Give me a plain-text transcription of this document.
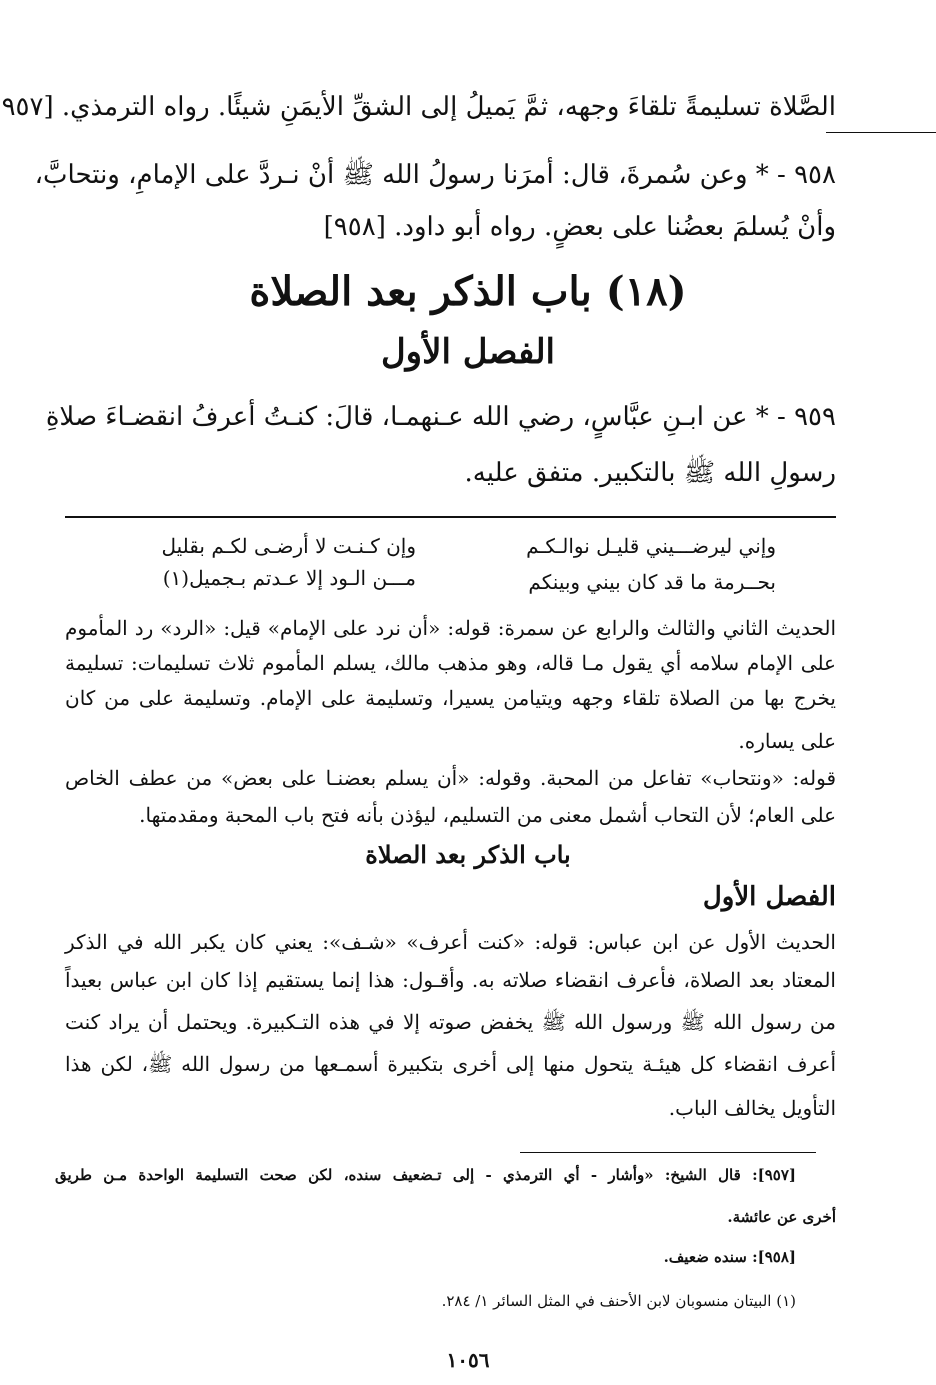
الصَّلاة تسليمةً تلقاءَ وجهه، ثمَّ يَميلُ إلى الشقِّ الأيمَنِ شيئًا. رواه الترمذي. [٩٥٧
٩٥٨ - * وعن سُمرةَ، قال: أمرَنا رسولُ الله ﷺ أنْ نـردَّ على الإمامِ، ونتحابَّ،
وأنْ يُسلمَ بعضُنا على بعضٍ. رواه أبو داود. [٩٥٨]
(١٨) باب الذكر بعد الصلاة
الفصل الأول
٩٥٩ - * عن ابـنِ عبَّاسٍ، رضي الله عـنهمـا، قالَ: كنـتُ أعرفُ انقضـاءَ صلاةِ
رسولِ الله ﷺ بالتكبير. متفق عليه.
وإني ليرضـــيني قليـل نوالـكـم
وإن كـنـت لا أرضـى لكـم بقليل
بحــرمة ما قد كان بيني وبينكم
مـــن الـود إلا عـدتم بـجميل(١)
الحديث الثاني والثالث والرابع عن سمرة: قوله: «أن نرد على الإمام» قيل: «الرد» رد المأموم
على الإمام سلامه أي يقول مـا قاله، وهو مذهب مالك، يسلم المأموم ثلاث تسليمات: تسليمة
يخرج بها من الصلاة تلقاء وجهه ويتيامن يسيرا، وتسليمة على الإمام. وتسليمة على من كان
على يساره.
قوله: «ونتحاب» تفاعل من المحبة. وقوله: «أن يسلم بعضنـا على بعض» من عطف الخاص
على العام؛ لأن التحاب أشمل معنى من التسليم، ليؤذن بأنه فتح باب المحبة ومقدمتها.
باب الذكر بعد الصلاة
الفصل الأول
الحديث الأول عن ابن عباس: قوله: «كنت أعرف» «شـف»: يعني كان يكبر الله في الذكر
المعتاد بعد الصلاة، فأعرف انقضاء صلاته به. وأقـول: هذا إنما يستقيم إذا كان ابن عباس بعيداً
من رسول الله ﷺ ورسول الله ﷺ يخفض صوته إلا في هذه التـكبيرة. ويحتمل أن يراد كنت
أعرف انقضاء كل هيئـة يتحول منها إلى أخرى بتكبيرة أسمـعها من رسول الله ﷺ، لكن هذا
التأويل يخالف الباب.
[٩٥٧]: قال الشيخ: «وأشار - أي الترمذي - إلى تـضعيف سنده، لكن صحت التسليمة الواحدة مـن طريق
أخرى عن عائشة.
[٩٥٨]: سنده ضعيف.
(١) البيتان منسوبان لابن الأحنف في المثل السائر ١/ ٢٨٤.
١٠٥٦
